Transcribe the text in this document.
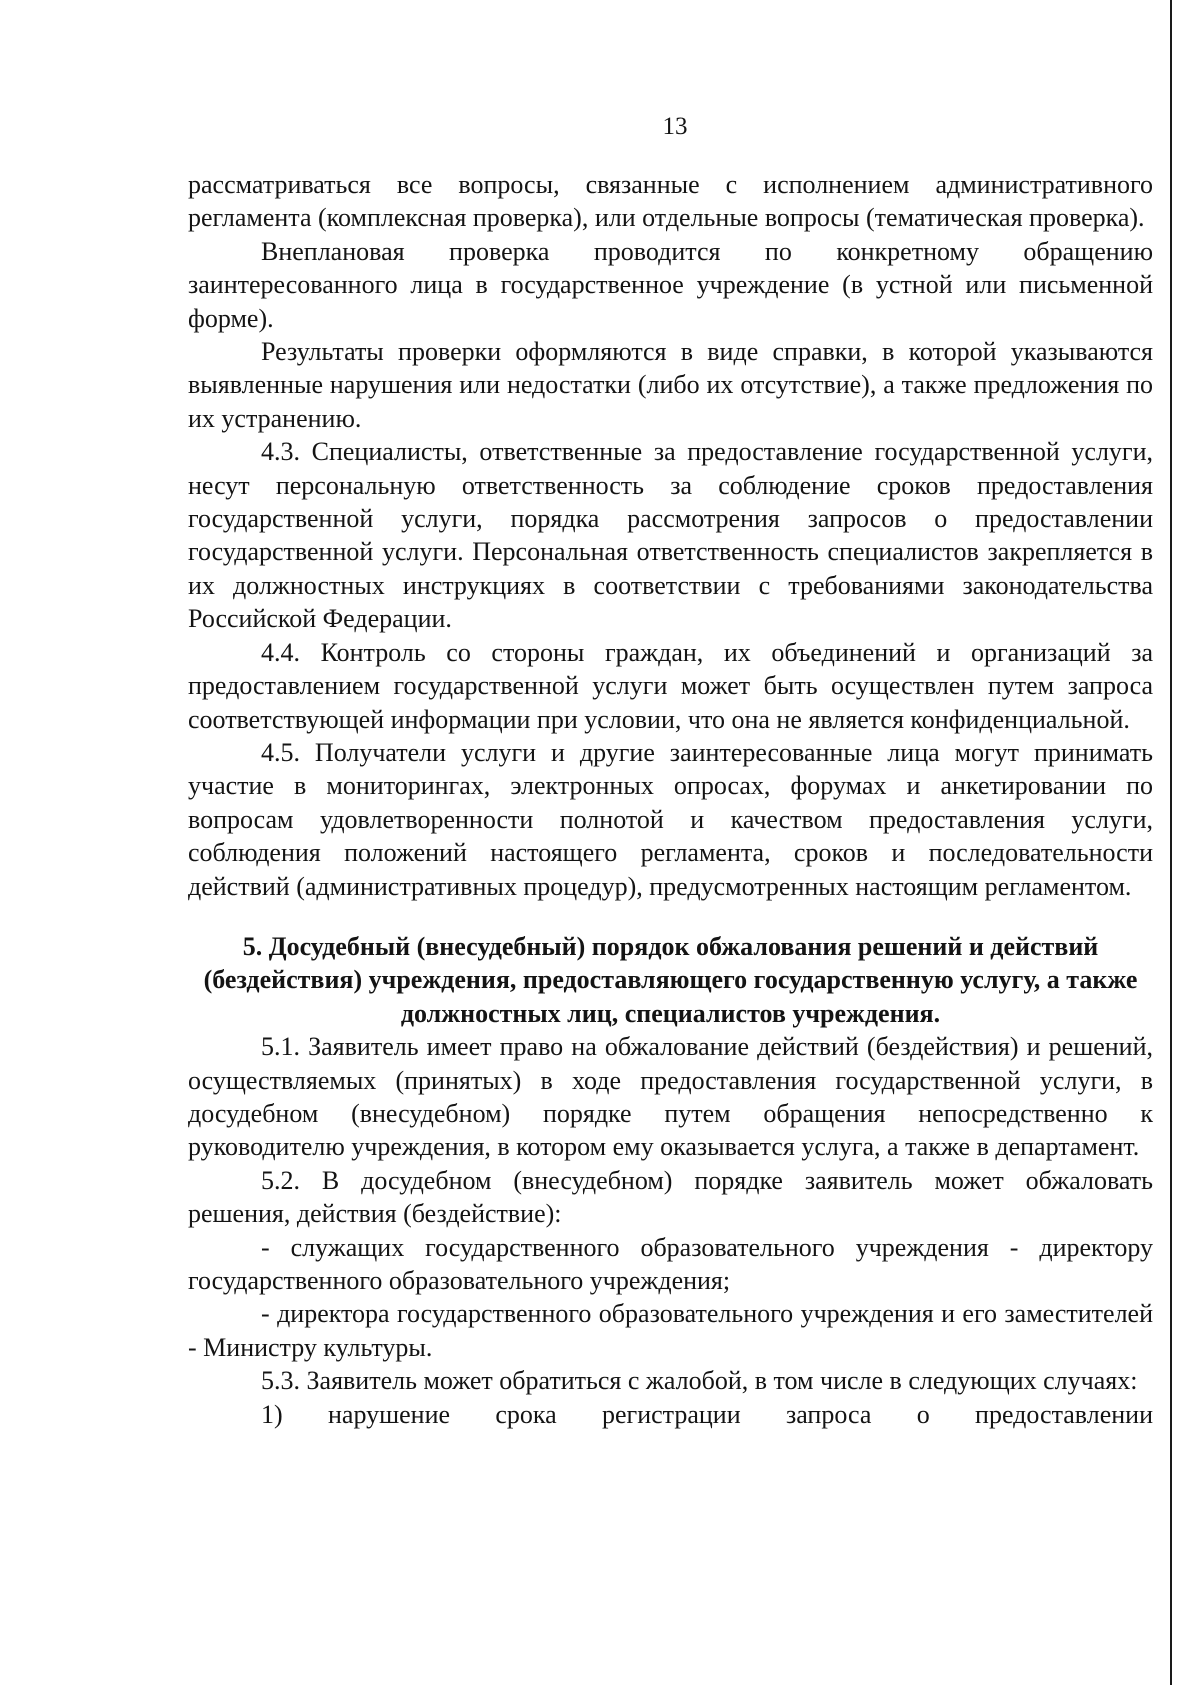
13

рассматриваться все вопросы, связанные с исполнением административного регламента (комплексная проверка), или отдельные вопросы (тематическая проверка).

Внеплановая проверка проводится по конкретному обращению заинтересованного лица в государственное учреждение (в устной или письменной форме).

Результаты проверки оформляются в виде справки, в которой указываются выявленные нарушения или недостатки (либо их отсутствие), а также предложения по их устранению.

4.3. Специалисты, ответственные за предоставление государственной услуги, несут персональную ответственность за соблюдение сроков предоставления государственной услуги, порядка рассмотрения запросов о предоставлении государственной услуги. Персональная ответственность специалистов закрепляется в их должностных инструкциях в соответствии с требованиями законодательства Российской Федерации.

4.4. Контроль со стороны граждан, их объединений и организаций за предоставлением государственной услуги может быть осуществлен путем запроса соответствующей информации при условии, что она не является конфиденциальной.

4.5. Получатели услуги и другие заинтересованные лица могут принимать участие в мониторингах, электронных опросах, форумах и анкетировании по вопросам удовлетворенности полнотой и качеством предоставления услуги, соблюдения положений настоящего регламента, сроков и последовательности действий (административных процедур), предусмотренных настоящим регламентом.

5. Досудебный (внесудебный) порядок обжалования решений и действий (бездействия) учреждения, предоставляющего государственную услугу, а также должностных лиц, специалистов учреждения.

5.1. Заявитель имеет право на обжалование действий (бездействия) и решений, осуществляемых (принятых) в ходе предоставления государственной услуги, в досудебном (внесудебном) порядке путем обращения непосредственно к руководителю учреждения, в котором ему оказывается услуга, а также в департамент.

5.2. В досудебном (внесудебном) порядке заявитель может обжаловать решения, действия (бездействие):

- служащих государственного образовательного учреждения - директору государственного образовательного учреждения;

- директора государственного образовательного учреждения и его заместителей - Министру культуры.

5.3. Заявитель может обратиться с жалобой, в том числе в следующих случаях:

1) нарушение срока регистрации запроса о предоставлении
